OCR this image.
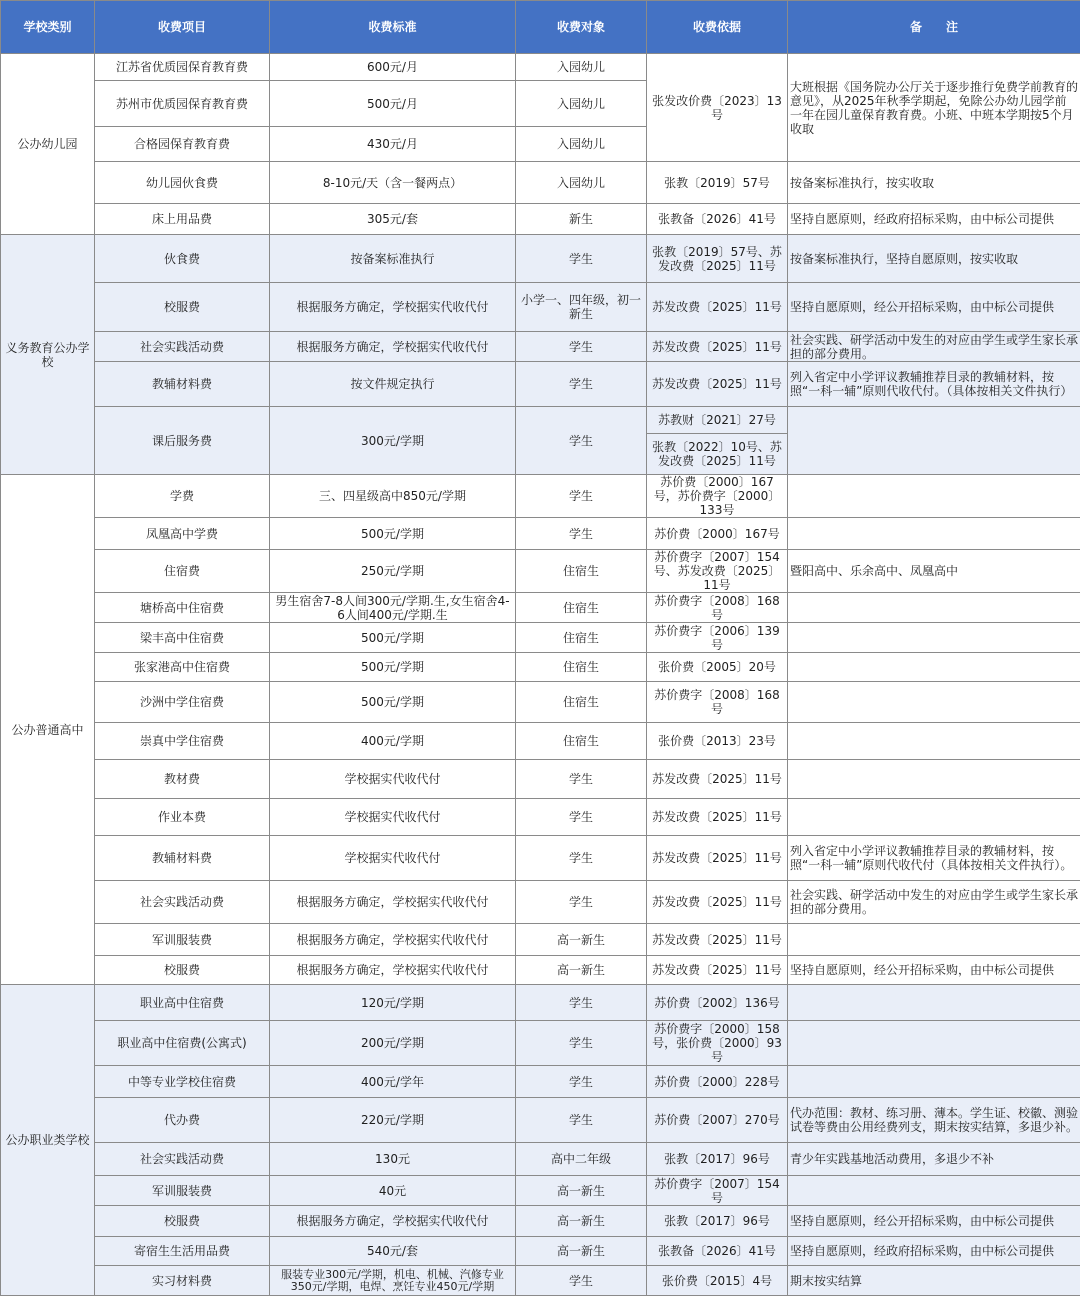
学校类别	收费项目	收费标准	收费对象	收费依据	备　　注
公办幼儿园	江苏省优质园保育教育费	600元/月	入园幼儿	张发改价费〔2023〕13号	大班根据《国务院办公厅关于逐步推行免费学前教育的意见》，从2025年秋季学期起，免除公办幼儿园学前一年在园儿童保育教育费。小班、中班本学期按5个月收取
	苏州市优质园保育教育费	500元/月	入园幼儿		
	合格园保育教育费	430元/月	入园幼儿		
	幼儿园伙食费	8-10元/天（含一餐两点）	入园幼儿	张教〔2019〕57号	按备案标准执行，按实收取
	床上用品费	305元/套	新生	张教备〔2026〕41号	坚持自愿原则，经政府招标采购，由中标公司提供
义务教育公办学校	伙食费	按备案标准执行	学生	张教〔2019〕57号、苏发改费〔2025〕11号	按备案标准执行，坚持自愿原则，按实收取
	校服费	根据服务方确定，学校据实代收代付	小学一、四年级，初一新生	苏发改费〔2025〕11号	坚持自愿原则，经公开招标采购，由中标公司提供
	社会实践活动费	根据服务方确定，学校据实代收代付	学生	苏发改费〔2025〕11号	社会实践、研学活动中发生的对应由学生或学生家长承担的部分费用。
	教辅材料费	按文件规定执行	学生	苏发改费〔2025〕11号	列入省定中小学评议教辅推荐目录的教辅材料，按照“一科一辅”原则代收代付。（具体按相关文件执行）
	课后服务费	300元/学期	学生	苏教财〔2021〕27号	
				张教〔2022〕10号、苏发改费〔2025〕11号	
公办普通高中	学费	三、四星级高中850元/学期	学生	苏价费〔2000〕167号，苏价费字〔2000〕133号	
	凤凰高中学费	500元/学期	学生	苏价费〔2000〕167号	
	住宿费	250元/学期	住宿生	苏价费字〔2007〕154号、苏发改费〔2025〕11号	暨阳高中、乐余高中、凤凰高中
	塘桥高中住宿费	男生宿舍7-8人间300元/学期.生,女生宿舍4-6人间400元/学期.生	住宿生	苏价费字〔2008〕168号	
	梁丰高中住宿费	500元/学期	住宿生	苏价费字〔2006〕139号	
	张家港高中住宿费	500元/学期	住宿生	张价费〔2005〕20号	
	沙洲中学住宿费	500元/学期	住宿生	苏价费字〔2008〕168号	
	崇真中学住宿费	400元/学期	住宿生	张价费〔2013〕23号	
	教材费	学校据实代收代付	学生	苏发改费〔2025〕11号	
	作业本费	学校据实代收代付	学生	苏发改费〔2025〕11号	
	教辅材料费	学校据实代收代付	学生	苏发改费〔2025〕11号	列入省定中小学评议教辅推荐目录的教辅材料，按照“一科一辅”原则代收代付（具体按相关文件执行）。
	社会实践活动费	根据服务方确定，学校据实代收代付	学生	苏发改费〔2025〕11号	社会实践、研学活动中发生的对应由学生或学生家长承担的部分费用。
	军训服装费	根据服务方确定，学校据实代收代付	高一新生	苏发改费〔2025〕11号	
	校服费	根据服务方确定，学校据实代收代付	高一新生	苏发改费〔2025〕11号	坚持自愿原则，经公开招标采购，由中标公司提供
公办职业类学校	职业高中住宿费	120元/学期	学生	苏价费〔2002〕136号	
	职业高中住宿费(公寓式)	200元/学期	学生	苏价费字〔2000〕158号，张价费〔2000〕93号	
	中等专业学校住宿费	400元/学年	学生	苏价费〔2000〕228号	
	代办费	220元/学期	学生	苏价费〔2007〕270号	代办范围：教材、练习册、薄本。学生证、校徽、测验试卷等费由公用经费列支，期末按实结算，多退少补。
	社会实践活动费	130元	高中二年级	张教〔2017〕96号	青少年实践基地活动费用，多退少不补
	军训服装费	40元	高一新生	苏价费字〔2007〕154号	
	校服费	根据服务方确定，学校据实代收代付	高一新生	张教〔2017〕96号	坚持自愿原则，经公开招标采购，由中标公司提供
	寄宿生生活用品费	540元/套	高一新生	张教备〔2026〕41号	坚持自愿原则，经政府招标采购，由中标公司提供
	实习材料费	服装专业300元/学期，机电、机械、汽修专业350元/学期，电焊、烹饪专业450元/学期	学生	张价费〔2015〕4号	期末按实结算
